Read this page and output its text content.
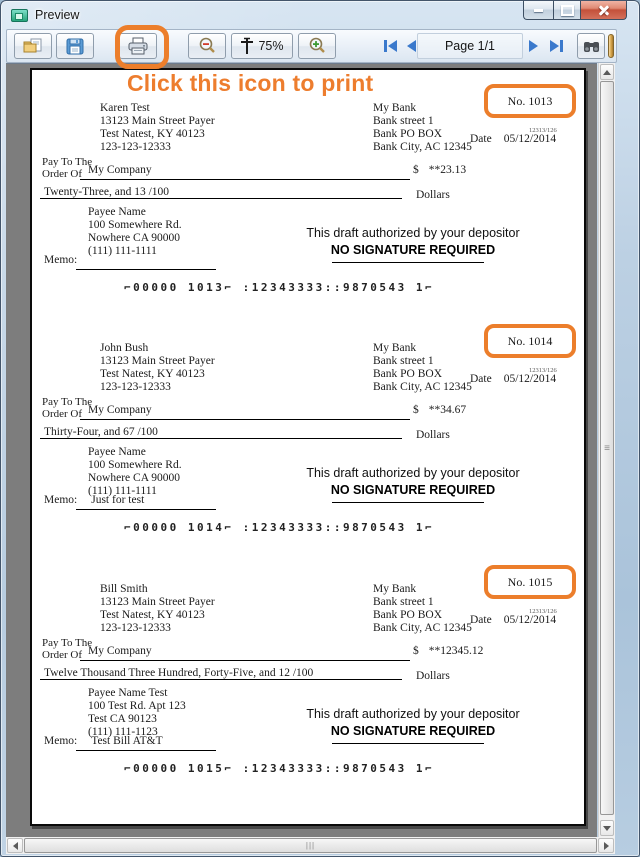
Preview
75%	Page 1/1
Karen Test
13123 Main Street Payer
Test Natest, KY 40123
123-123-12333
My Bank
Bank street 1
Bank PO BOX
Bank City, AC 12345
No. 1013
12313/126
Date 05/12/2014
Pay To The
Order Of My Company	$ **23.13
Twenty-Three, and 13 /100	Dollars
Payee Name
100 Somewhere Rd.
Nowhere CA 90000
(111) 111-1111
This draft authorized by your depositor
NO SIGNATURE REQUIRED
Memo:
⌐00000 1013⌐ :12343333::9870543 1⌐
John Bush
13123 Main Street Payer
Test Natest, KY 40123
123-123-12333
My Bank
Bank street 1
Bank PO BOX
Bank City, AC 12345
No. 1014
12313/126
Date 05/12/2014
Pay To The
Order Of My Company	$ **34.67
Thirty-Four, and 67 /100	Dollars
Payee Name
100 Somewhere Rd.
Nowhere CA 90000
(111) 111-1111
This draft authorized by your depositor
NO SIGNATURE REQUIRED
Memo: Just for test
⌐00000 1014⌐ :12343333::9870543 1⌐
Bill Smith
13123 Main Street Payer
Test Natest, KY 40123
123-123-12333
My Bank
Bank street 1
Bank PO BOX
Bank City, AC 12345
No. 1015
12313/126
Date 05/12/2014
Pay To The
Order Of My Company	$ **12345.12
Twelve Thousand Three Hundred, Forty-Five, and 12 /100	Dollars
Payee Name Test
100 Test Rd. Apt 123
Test CA 90123
(111) 111-1123
This draft authorized by your depositor
NO SIGNATURE REQUIRED
Memo: Test Bill AT&T
⌐00000 1015⌐ :12343333::9870543 1⌐
≡
|||
Click this icon to print
